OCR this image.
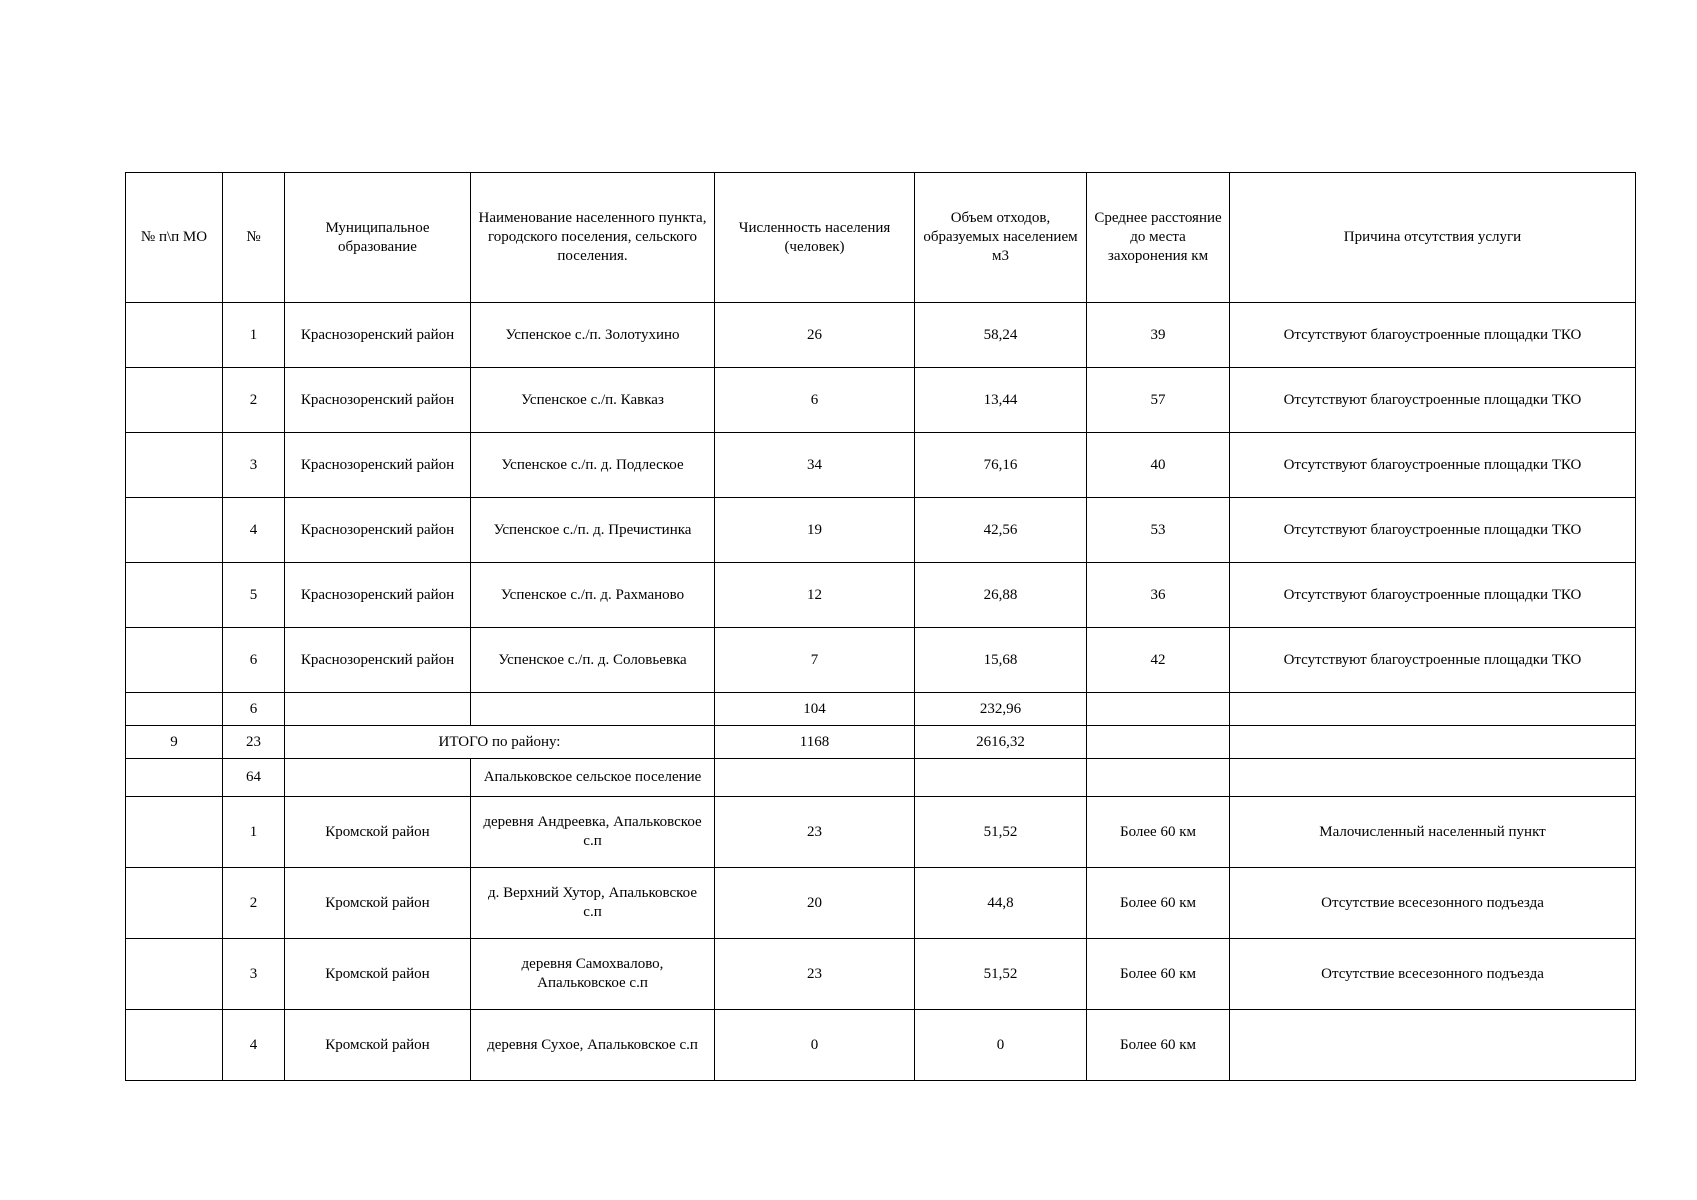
№ п\п МО	№	Муниципальное образование	Наименование населенного пункта, городского поселения, сельского поселения.	Численность населения (человек)	Объем отходов, образуемых населением м3	Среднее расстояние до места захоронения км	Причина отсутствия услуги
	1	Краснозоренский район	Успенское с./п. Золотухино	26	58,24	39	Отсутствуют благоустроенные площадки ТКО
	2	Краснозоренский район	Успенское с./п. Кавказ	6	13,44	57	Отсутствуют благоустроенные площадки ТКО
	3	Краснозоренский район	Успенское с./п. д. Подлеское	34	76,16	40	Отсутствуют благоустроенные площадки ТКО
	4	Краснозоренский район	Успенское с./п. д. Пречистинка	19	42,56	53	Отсутствуют благоустроенные площадки ТКО
	5	Краснозоренский район	Успенское с./п. д. Рахманово	12	26,88	36	Отсутствуют благоустроенные площадки ТКО
	6	Краснозоренский район	Успенское с./п. д. Соловьевка	7	15,68	42	Отсутствуют благоустроенные площадки ТКО
	6			104	232,96		
9	23	ИТОГО по району:		1168	2616,32		
	64		Апальковское сельское поселение				
	1	Кромской район	деревня Андреевка, Апальковское с.п	23	51,52	Более 60 км	Малочисленный населенный пункт
	2	Кромской район	д. Верхний Хутор, Апальковское с.п	20	44,8	Более 60 км	Отсутствие всесезонного подъезда
	3	Кромской район	деревня Самохвалово, Апальковское с.п	23	51,52	Более 60 км	Отсутствие всесезонного подъезда
	4	Кромской район	деревня Сухое, Апальковское с.п	0	0	Более 60 км	
